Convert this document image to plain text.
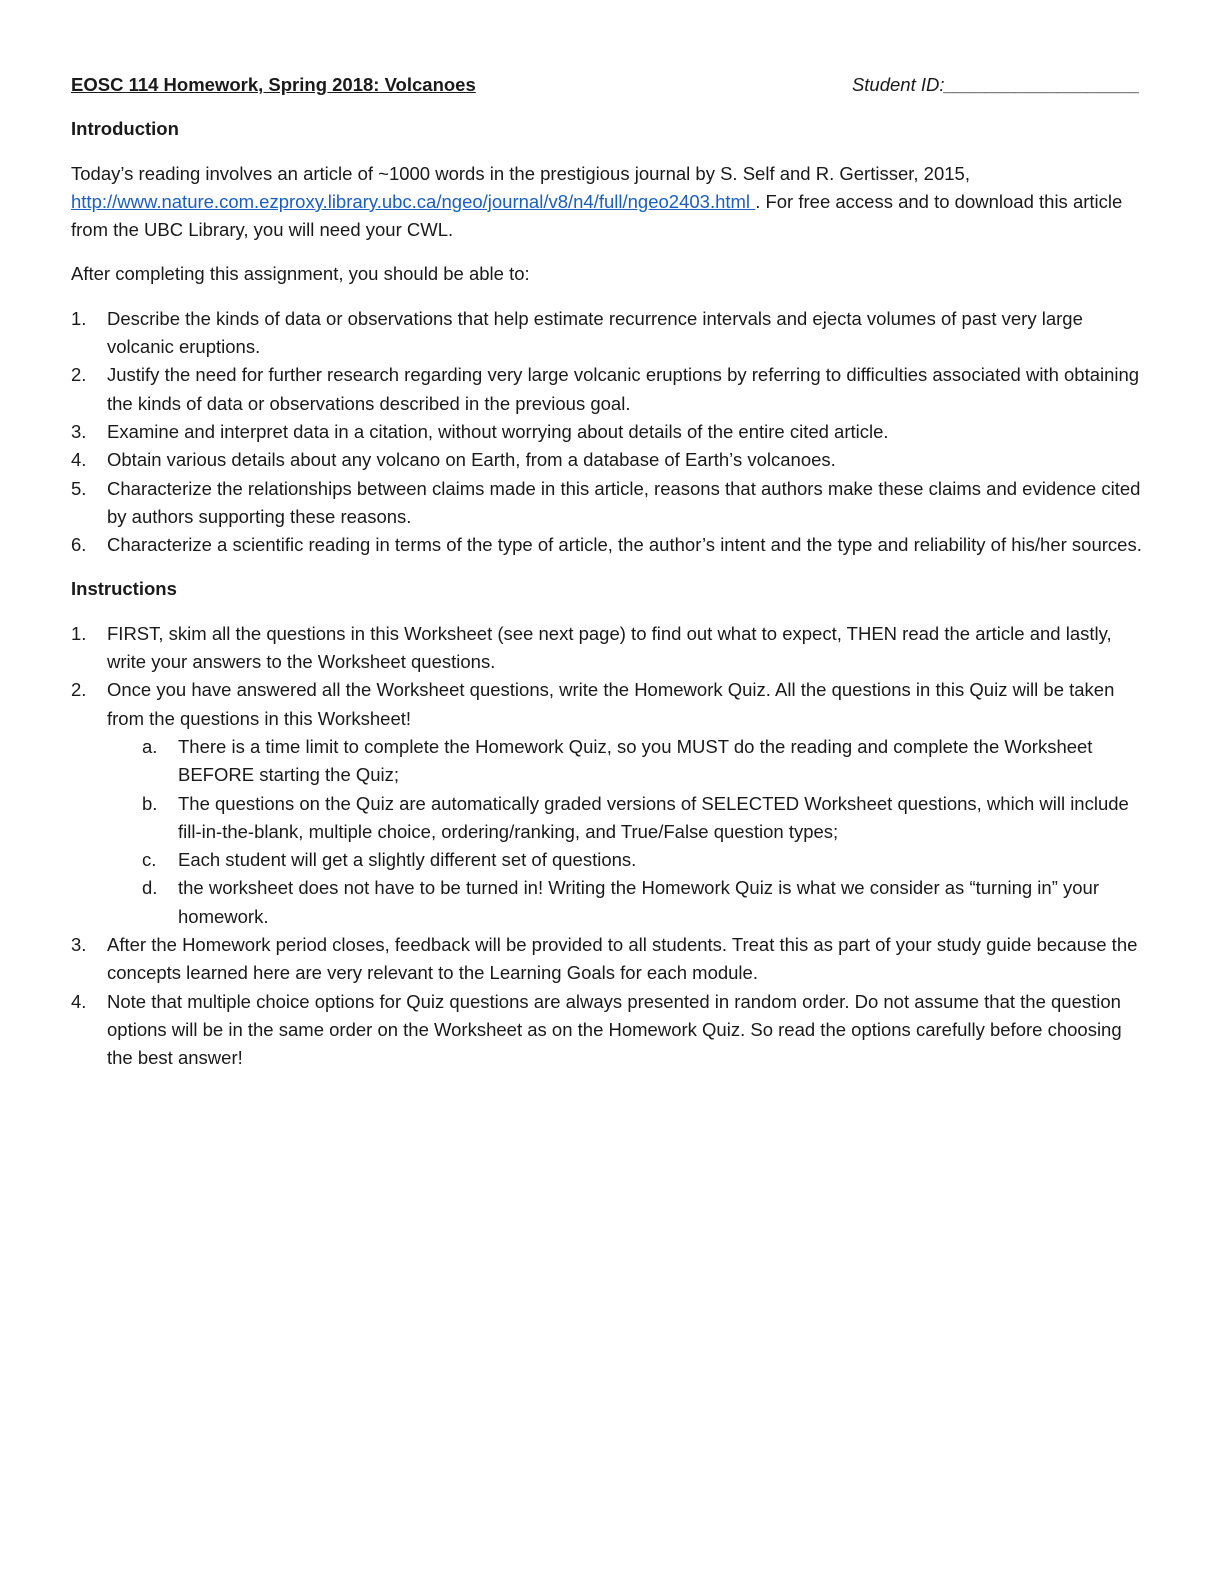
EOSC 114 Homework, Spring 2018: Volcanoes	Student ID:___________________
Introduction

Today’s reading involves an article of ~1000 words in the prestigious journal by S. Self and R. Gertisser, 2015, http://www.nature.com.ezproxy.library.ubc.ca/ngeo/journal/v8/n4/full/ngeo2403.html . For free access and to download this article from the UBC Library, you will need your CWL.

After completing this assignment, you should be able to:

1. Describe the kinds of data or observations that help estimate recurrence intervals and ejecta volumes of past very large volcanic eruptions.
2. Justify the need for further research regarding very large volcanic eruptions by referring to difficulties associated with obtaining the kinds of data or observations described in the previous goal.
3. Examine and interpret data in a citation, without worrying about details of the entire cited article.
4. Obtain various details about any volcano on Earth, from a database of Earth’s volcanoes.
5. Characterize the relationships between claims made in this article, reasons that authors make these claims and evidence cited by authors supporting these reasons.
6. Characterize a scientific reading in terms of the type of article, the author’s intent and the type and reliability of his/her sources.
Instructions
1. FIRST, skim all the questions in this Worksheet (see next page) to find out what to expect, THEN read the article and lastly, write your answers to the Worksheet questions.
2. Once you have answered all the Worksheet questions, write the Homework Quiz. All the questions in this Quiz will be taken from the questions in this Worksheet!
a. There is a time limit to complete the Homework Quiz, so you MUST do the reading and complete the Worksheet BEFORE starting the Quiz;
b. The questions on the Quiz are automatically graded versions of SELECTED Worksheet questions, which will include fill-in-the-blank, multiple choice, ordering/ranking, and True/False question types;
c. Each student will get a slightly different set of questions.
d. the worksheet does not have to be turned in! Writing the Homework Quiz is what we consider as “turning in” your homework.
3. After the Homework period closes, feedback will be provided to all students. Treat this as part of your study guide because the concepts learned here are very relevant to the Learning Goals for each module.
4. Note that multiple choice options for Quiz questions are always presented in random order. Do not assume that the question options will be in the same order on the Worksheet as on the Homework Quiz. So read the options carefully before choosing the best answer!
